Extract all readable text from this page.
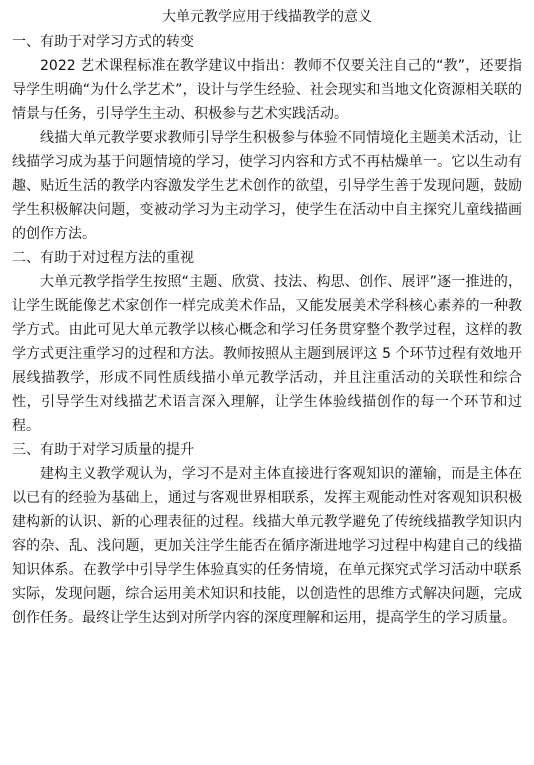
大单元教学应用于线描教学的意义
一、有助于对学习方式的转变

2022 艺术课程标准在教学建议中指出：教师不仅要关注自己的“教”，还要指导学生明确“为什么学艺术”，设计与学生经验、社会现实和当地文化资源相关联的情景与任务，引导学生主动、积极参与艺术实践活动。

线描大单元教学要求教师引导学生积极参与体验不同情境化主题美术活动，让线描学习成为基于问题情境的学习，使学习内容和方式不再枯燥单一。它以生动有趣、贴近生活的教学内容激发学生艺术创作的欲望，引导学生善于发现问题，鼓励学生积极解决问题，变被动学习为主动学习，使学生在活动中自主探究儿童线描画的创作方法。

二、有助于对过程方法的重视

大单元教学指学生按照“主题、欣赏、技法、构思、创作、展评”逐一推进的，让学生既能像艺术家创作一样完成美术作品，又能发展美术学科核心素养的一种教学方式。由此可见大单元教学以核心概念和学习任务贯穿整个教学过程，这样的教学方式更注重学习的过程和方法。教师按照从主题到展评这 5 个环节过程有效地开展线描教学，形成不同性质线描小单元教学活动，并且注重活动的关联性和综合性，引导学生对线描艺术语言深入理解，让学生体验线描创作的每一个环节和过程。

三、有助于对学习质量的提升

建构主义教学观认为，学习不是对主体直接进行客观知识的灌输，而是主体在以已有的经验为基础上，通过与客观世界相联系，发挥主观能动性对客观知识积极建构新的认识、新的心理表征的过程。线描大单元教学避免了传统线描教学知识内容的杂、乱、浅问题，更加关注学生能否在循序渐进地学习过程中构建自己的线描知识体系。在教学中引导学生体验真实的任务情境，在单元探究式学习活动中联系实际，发现问题，综合运用美术知识和技能，以创造性的思维方式解决问题，完成创作任务。最终让学生达到对所学内容的深度理解和运用，提高学生的学习质量。
